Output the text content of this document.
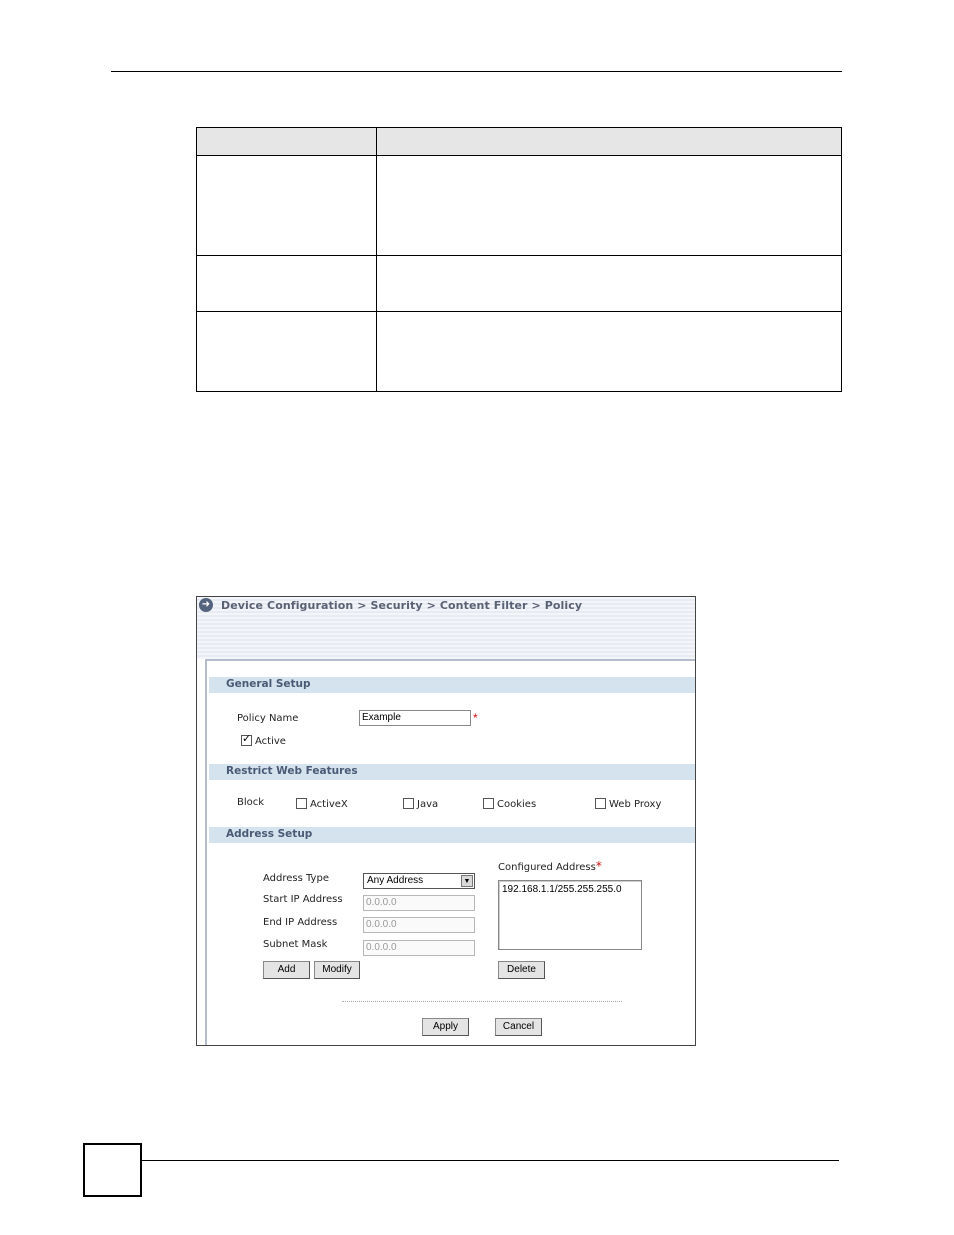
➜ Device Configuration > Security > Content Filter > Policy
General Setup
Policy Name	Example	*
✓
Active
Restrict Web Features
Block	ActiveX	Java	Cookies	Web Proxy
Address Setup
Configured Address*
Address Type	Any Address	▼
192.168.1.1/255.255.255.0
Start IP Address	0.0.0.0
End IP Address	0.0.0.0
Subnet Mask	0.0.0.0
Add	Modify	Delete
Apply	Cancel
